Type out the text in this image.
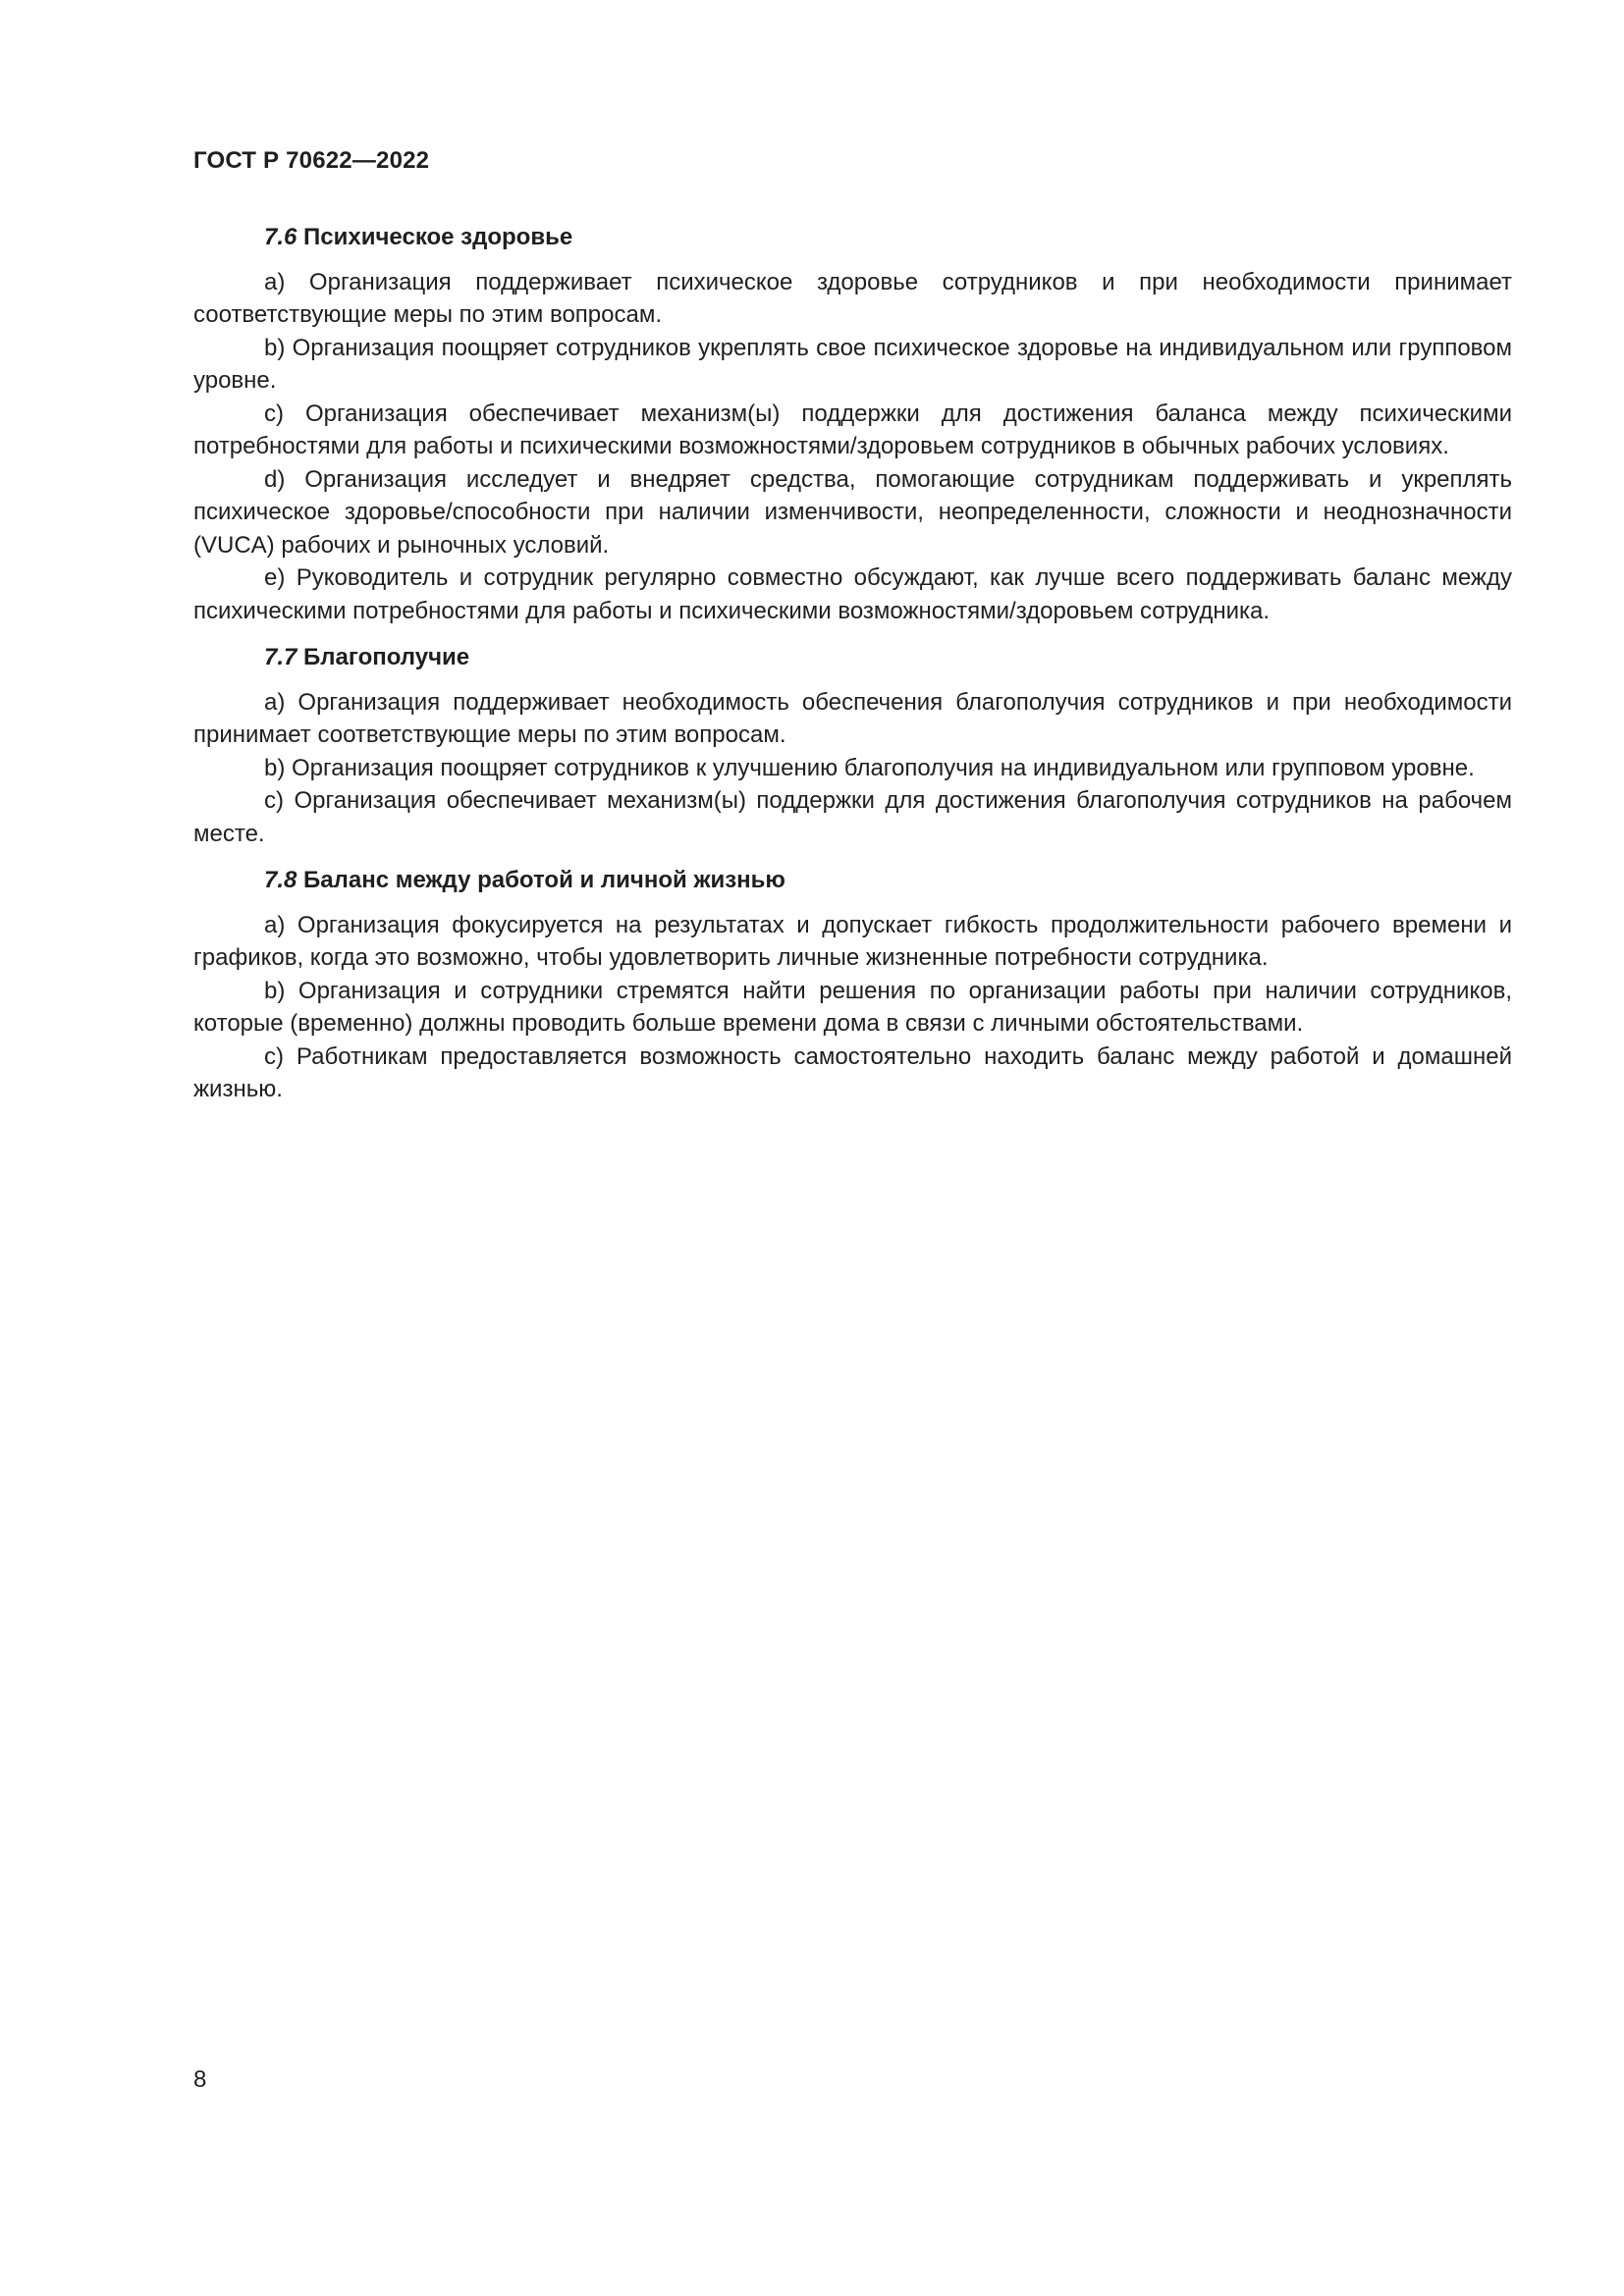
ГОСТ Р 70622—2022
7.6 Психическое здоровье

а) Организация поддерживает психическое здоровье сотрудников и при необходимости принимает соответствующие меры по этим вопросам.

b) Организация поощряет сотрудников укреплять свое психическое здоровье на индивидуальном или групповом уровне.

с) Организация обеспечивает механизм(ы) поддержки для достижения баланса между психическими потребностями для работы и психическими возможностями/здоровьем сотрудников в обычных рабочих условиях.

d) Организация исследует и внедряет средства, помогающие сотрудникам поддерживать и укреплять психическое здоровье/способности при наличии изменчивости, неопределенности, сложности и неоднозначности (VUCA) рабочих и рыночных условий.

е) Руководитель и сотрудник регулярно совместно обсуждают, как лучше всего поддерживать баланс между психическими потребностями для работы и психическими возможностями/здоровьем сотрудника.

7.7 Благополучие

а) Организация поддерживает необходимость обеспечения благополучия сотрудников и при необходимости принимает соответствующие меры по этим вопросам.

b) Организация поощряет сотрудников к улучшению благополучия на индивидуальном или групповом уровне.

с) Организация обеспечивает механизм(ы) поддержки для достижения благополучия сотрудников на рабочем месте.

7.8 Баланс между работой и личной жизнью

а) Организация фокусируется на результатах и допускает гибкость продолжительности рабочего времени и графиков, когда это возможно, чтобы удовлетворить личные жизненные потребности сотрудника.

b) Организация и сотрудники стремятся найти решения по организации работы при наличии сотрудников, которые (временно) должны проводить больше времени дома в связи с личными обстоятельствами.

с) Работникам предоставляется возможность самостоятельно находить баланс между работой и домашней жизнью.

8
